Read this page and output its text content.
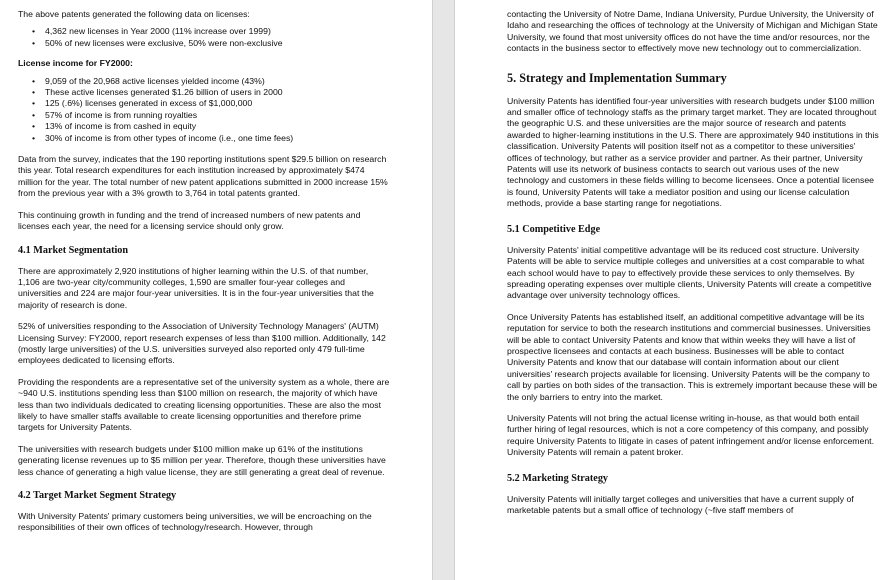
The above patents generated the following data on licenses:

• 4,362 new licenses in Year 2000 (11% increase over 1999)
• 50% of new licenses were exclusive, 50% were non-exclusive
License income for FY2000:
• 9,059 of the 20,968 active licenses yielded income (43%)
• These active licenses generated $1.26 billion of users in 2000
• 125 (.6%) licenses generated in excess of $1,000,000
• 57% of income is from running royalties
• 13% of income is from cashed in equity
• 30% of income is from other types of income (i.e., one time fees)

Data from the survey, indicates that the 190 reporting institutions spent $29.5 billion on research this year. Total research expenditures for each institution increased by approximately $474 million for the year. The total number of new patent applications submitted in 2000 increase 15% from the previous year with a 3% growth to 3,764 in total patents granted.

This continuing growth in funding and the trend of increased numbers of new patents and licenses each year, the need for a licensing service should only grow.

4.1 Market Segmentation

There are approximately 2,920 institutions of higher learning within the U.S. of that number, 1,106 are two-year city/community colleges, 1,590 are smaller four-year colleges and universities and 224 are major four-year universities. It is in the four-year universities that the majority of research is done.

52% of universities responding to the Association of University Technology Managers' (AUTM) Licensing Survey: FY2000, report research expenses of less than $100 million. Additionally, 142 (mostly large universities) of the U.S. universities surveyed also reported only 479 full-time employees dedicated to licensing efforts.

Providing the respondents are a representative set of the university system as a whole, there are ~940 U.S. institutions spending less than $100 million on research, the majority of which have less than two individuals dedicated to creating licensing opportunities. These are also the most likely to have smaller staffs available to create licensing opportunities and therefore prime targets for University Patents.

The universities with research budgets under $100 million make up 61% of the institutions generating license revenues up to $5 million per year. Therefore, though these universities have less chance of generating a high value license, they are still generating a great deal of revenue.

4.2 Target Market Segment Strategy

With University Patents' primary customers being universities, we will be encroaching on the responsibilities of their own offices of technology/research. However, through

contacting the University of Notre Dame, Indiana University, Purdue University, the University of Idaho and researching the offices of technology at the University of Michigan and Michigan State University, we found that most university offices do not have the time and/or resources, nor the contacts in the business sector to effectively move new technology out to commercialization.

5. Strategy and Implementation Summary

University Patents has identified four-year universities with research budgets under $100 million and smaller office of technology staffs as the primary target market. They are located throughout the geographic U.S. and these universities are the major source of research and patents awarded to higher-learning institutions in the U.S. There are approximately 940 institutions in this classification. University Patents will position itself not as a competitor to these universities' offices of technology, but rather as a service provider and partner. As their partner, University Patents will use its network of business contacts to search out various uses of the new technology and customers in these fields willing to become licensees. Once a potential licensee is found, University Patents will take a mediator position and using our license calculation methods, provide a base starting range for negotiations.

5.1 Competitive Edge

University Patents' initial competitive advantage will be its reduced cost structure. University Patents will be able to service multiple colleges and universities at a cost comparable to what each school would have to pay to effectively provide these services to only themselves. By spreading operating expenses over multiple clients, University Patents will create a competitive advantage over university technology offices.

Once University Patents has established itself, an additional competitive advantage will be its reputation for service to both the research institutions and commercial businesses. Universities will be able to contact University Patents and know that within weeks they will have a list of prospective licensees and contacts at each business. Businesses will be able to contact University Patents and know that our database will contain information about our client universities' research projects available for licensing. University Patents will be the company to call by parties on both sides of the transaction. This is extremely important because these will be the only barriers to entry into the market.

University Patents will not bring the actual license writing in-house, as that would both entail further hiring of legal resources, which is not a core competency of this company, and possibly require University Patents to litigate in cases of patent infringement and/or license enforcement. University Patents will remain a patent broker.

5.2 Marketing Strategy

University Patents will initially target colleges and universities that have a current supply of marketable patents but a small office of technology (~five staff members of
